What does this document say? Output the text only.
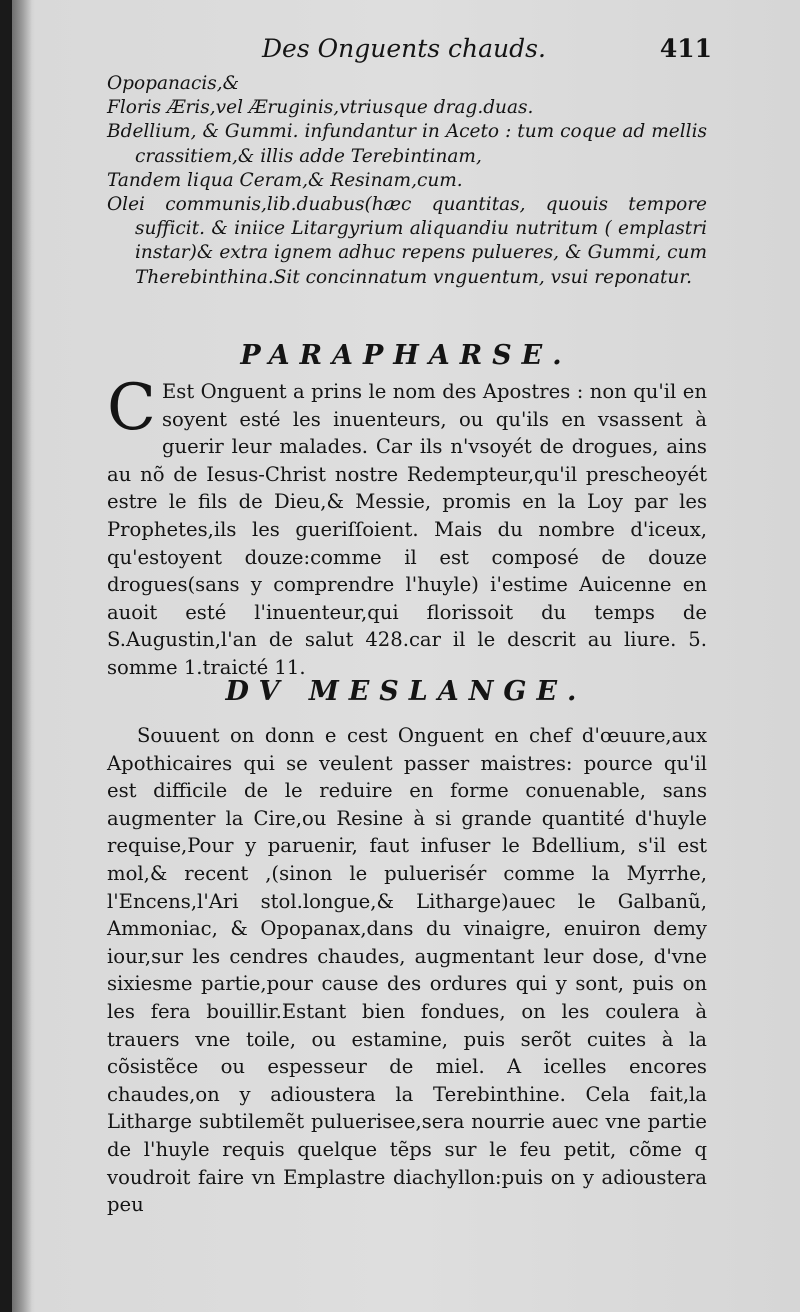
Des Onguents chauds.	411

Opopanacis,&

Floris Æris,vel Æruginis,vtriusque drag.duas.

Bdellium, & Gummi. infundantur in Aceto : tum coque ad mellis crassitiem,& illis adde Terebintinam,

Tandem liqua Ceram,& Resinam,cum.

Olei communis,lib.duabus(hæc quantitas, quouis tempore sufficit. & iniice Litargyrium aliquandiu nutritum ( emplastri instar)& extra ignem adhuc repens pulueres, & Gummi, cum Therebinthina.Sit concinnatum vnguentum, vsui reponatur.

PARAPHARSE.

C Est Onguent a prins le nom des Apostres : non qu'il en soyent esté les inuenteurs, ou qu'ils en vsassent à guerir leur malades. Car ils n'vsoyét de drogues, ains au nõ de Iesus-Christ nostre Redempteur,qu'il prescheoyét estre le fils de Dieu,& Messie, promis en la Loy par les Prophetes,ils les gueriſſoient. Mais du nombre d'iceux, qu'estoyent douze:comme il est composé de douze drogues(sans y comprendre l'huyle) i'estime Auicenne en auoit esté l'inuenteur,qui florissoit du temps de S.Augustin,l'an de salut 428.car il le descrit au liure. 5. somme 1.traicté 11.

DV MESLANGE.

Souuent on donn e cest Onguent en chef d'œuure,aux Apothicaires qui se veulent passer maistres: pource qu'il est difficile de le reduire en forme conuenable, sans augmenter la Cire,ou Resine à si grande quantité d'huyle requise,Pour y paruenir, faut infuser le Bdellium, s'il est mol,& recent ,(sinon le puluerisér comme la Myrrhe, l'Encens,l'Ari stol.longue,& Litharge)auec le Galbanũ, Ammoniac, & Opopanax,dans du vinaigre, enuiron demy iour,sur les cendres chaudes, augmentant leur dose, d'vne sixiesme partie,pour cause des ordures qui y sont, puis on les fera bouillir.Estant bien fondues, on les coulera à trauers vne toile, ou estamine, puis serõt cuites à la cõsistẽce ou espesseur de miel. A icelles encores chaudes,on y adioustera la Terebinthine. Cela fait,la Litharge subtilemẽt puluerisee,sera nourrie auec vne partie de l'huyle requis quelque tẽps sur le feu petit, cõme q voudroit faire vn Emplastre diachyllon:puis on y adioustera peu
